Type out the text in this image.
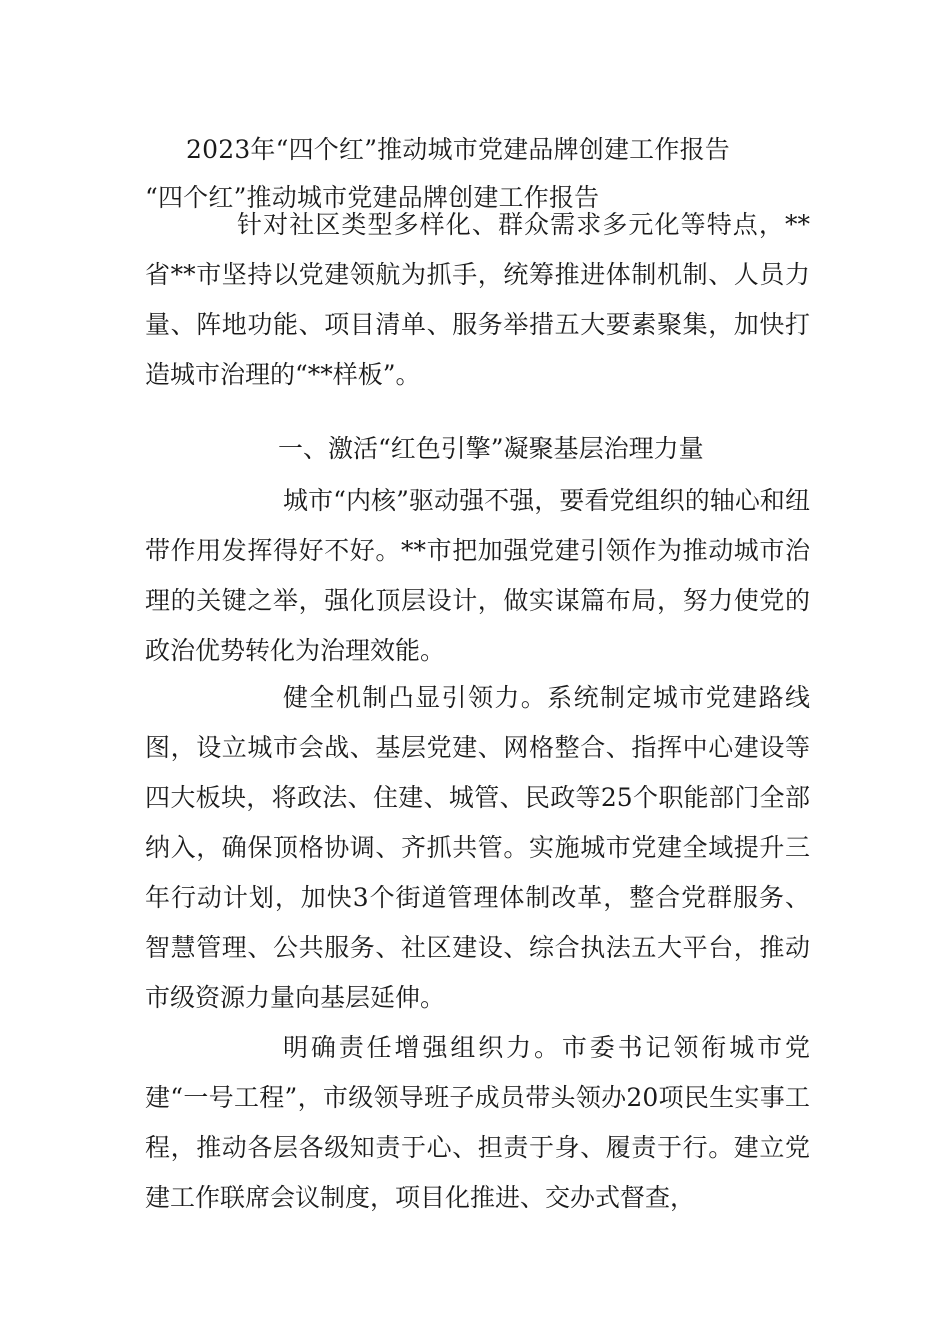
2023年“四个红”推动城市党建品牌创建工作报告
“四个红”推动城市党建品牌创建工作报告

针对社区类型多样化、群众需求多元化等特点，**省**市坚持以党建领航为抓手，统筹推进体制机制、人员力量、阵地功能、项目清单、服务举措五大要素聚集，加快打造城市治理的“**样板”。

一、激活“红色引擎”凝聚基层治理力量

城市“内核”驱动强不强，要看党组织的轴心和纽带作用发挥得好不好。**市把加强党建引领作为推动城市治理的关键之举，强化顶层设计，做实谋篇布局，努力使党的政治优势转化为治理效能。

健全机制凸显引领力。系统制定城市党建路线图，设立城市会战、基层党建、网格整合、指挥中心建设等四大板块，将政法、住建、城管、民政等25个职能部门全部纳入，确保顶格协调、齐抓共管。实施城市党建全域提升三年行动计划，加快3个街道管理体制改革，整合党群服务、智慧管理、公共服务、社区建设、综合执法五大平台，推动市级资源力量向基层延伸。

明确责任增强组织力。市委书记领衔城市党建“一号工程”，市级领导班子成员带头领办20项民生实事工程，推动各层各级知责于心、担责于身、履责于行。建立党建工作联席会议制度，项目化推进、交办式督查，
